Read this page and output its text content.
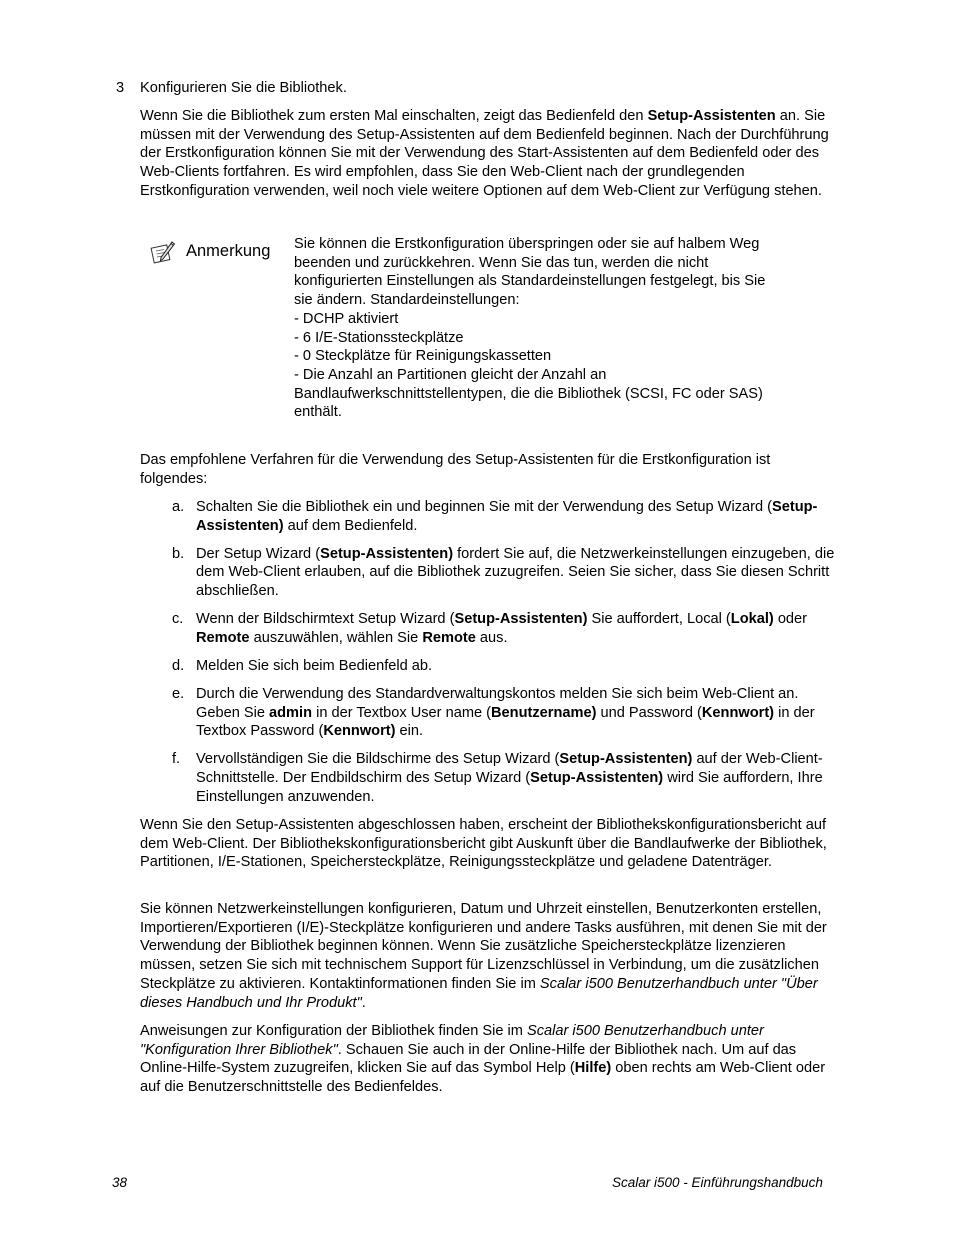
3 Konfigurieren Sie die Bibliothek.

Wenn Sie die Bibliothek zum ersten Mal einschalten, zeigt das Bedienfeld den Setup-Assistenten an. Sie müssen mit der Verwendung des Setup-Assistenten auf dem Bedienfeld beginnen. Nach der Durchführung der Erstkonfiguration können Sie mit der Verwendung des Start-Assistenten auf dem Bedienfeld oder des Web-Clients fortfahren. Es wird empfohlen, dass Sie den Web-Client nach der grundlegenden Erstkonfiguration verwenden, weil noch viele weitere Optionen auf dem Web-Client zur Verfügung stehen.

Anmerkung Sie können die Erstkonfiguration überspringen oder sie auf halbem Weg
beenden und zurückkehren. Wenn Sie das tun, werden die nicht
konfigurierten Einstellungen als Standardeinstellungen festgelegt, bis Sie
sie ändern. Standardeinstellungen:
- DCHP aktiviert
- 6 I/E-Stationssteckplätze
- 0 Steckplätze für Reinigungskassetten
- Die Anzahl an Partitionen gleicht der Anzahl an
Bandlaufwerkschnittstellentypen, die die Bibliothek (SCSI, FC oder SAS)
enthält.

Das empfohlene Verfahren für die Verwendung des Setup-Assistenten für die Erstkonfiguration ist folgendes:

a. Schalten Sie die Bibliothek ein und beginnen Sie mit der Verwendung des Setup Wizard (Setup-Assistenten) auf dem Bedienfeld.
b. Der Setup Wizard (Setup-Assistenten) fordert Sie auf, die Netzwerkeinstellungen einzugeben, die dem Web-Client erlauben, auf die Bibliothek zuzugreifen. Seien Sie sicher, dass Sie diesen Schritt abschließen.
c. Wenn der Bildschirmtext Setup Wizard (Setup-Assistenten) Sie auffordert, Local (Lokal) oder Remote auszuwählen, wählen Sie Remote aus.
d. Melden Sie sich beim Bedienfeld ab.
e. Durch die Verwendung des Standardverwaltungskontos melden Sie sich beim Web-Client an. Geben Sie admin in der Textbox User name (Benutzername) und Password (Kennwort) in der Textbox Password (Kennwort) ein.
f. Vervollständigen Sie die Bildschirme des Setup Wizard (Setup-Assistenten) auf der Web-Client-Schnittstelle. Der Endbildschirm des Setup Wizard (Setup-Assistenten) wird Sie auffordern, Ihre Einstellungen anzuwenden.

Wenn Sie den Setup-Assistenten abgeschlossen haben, erscheint der Bibliothekskonfigurationsbericht auf dem Web-Client. Der Bibliothekskonfigurationsbericht gibt Auskunft über die Bandlaufwerke der Bibliothek, Partitionen, I/E-Stationen, Speichersteckplätze, Reinigungssteckplätze und geladene Datenträger.

Sie können Netzwerkeinstellungen konfigurieren, Datum und Uhrzeit einstellen, Benutzerkonten erstellen, Importieren/Exportieren (I/E)-Steckplätze konfigurieren und andere Tasks ausführen, mit denen Sie mit der Verwendung der Bibliothek beginnen können. Wenn Sie zusätzliche Speichersteckplätze lizenzieren müssen, setzen Sie sich mit technischem Support für Lizenzschlüssel in Verbindung, um die zusätzlichen Steckplätze zu aktivieren. Kontaktinformationen finden Sie im Scalar i500 Benutzerhandbuch unter "Über dieses Handbuch und Ihr Produkt".

Anweisungen zur Konfiguration der Bibliothek finden Sie im Scalar i500 Benutzerhandbuch unter "Konfiguration Ihrer Bibliothek". Schauen Sie auch in der Online-Hilfe der Bibliothek nach. Um auf das Online-Hilfe-System zuzugreifen, klicken Sie auf das Symbol Help (Hilfe) oben rechts am Web-Client oder auf die Benutzerschnittstelle des Bedienfeldes.

38	Scalar i500 - Einführungshandbuch
